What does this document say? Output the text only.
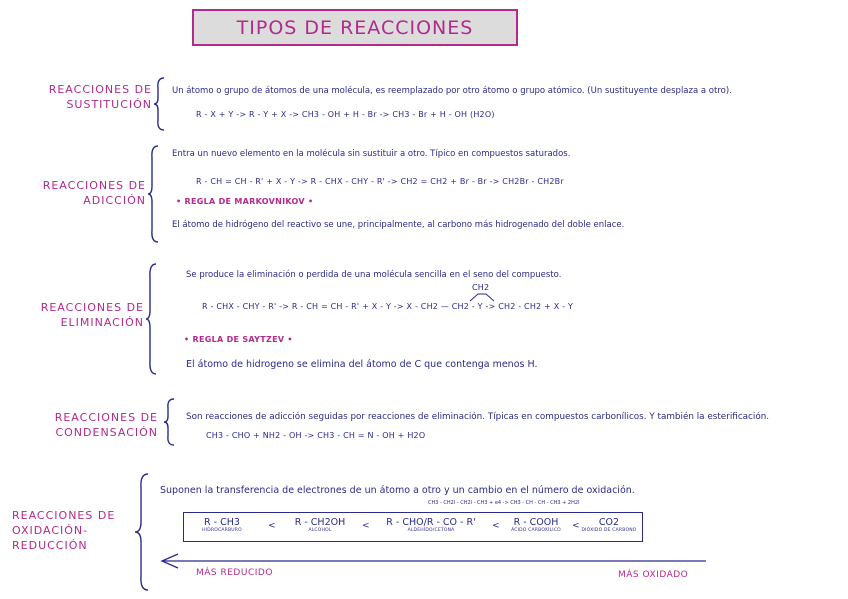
TIPOS DE REACCIONES
REACCIONES DE
SUSTITUCIÓN
Un átomo o grupo de átomos de una molécula, es reemplazado por otro átomo o grupo atómico. (Un sustituyente desplaza a otro).
R - X + Y -> R - Y + X -> CH3 - OH + H - Br -> CH3 - Br + H - OH (H2O)
REACCIONES DE
ADICCIÓN
Entra un nuevo elemento en la molécula sin sustituir a otro. Típico en compuestos saturados.
R - CH = CH - R' + X - Y -> R - CHX - CHY - R' -> CH2 = CH2 + Br - Br -> CH2Br - CH2Br
• REGLA DE MARKOVNIKOV •
El átomo de hidrógeno del reactivo se une, principalmente, al carbono más hidrogenado del doble enlace.
REACCIONES DE
ELIMINACIÓN
Se produce la eliminación o perdida de una molécula sencilla en el seno del compuesto.
CH2
R - CHX - CHY - R' -> R - CH = CH - R' + X - Y -> X - CH2 — CH2 - Y -> CH2 - CH2 + X - Y
• REGLA DE SAYTZEV •
El átomo de hidrogeno se elimina del átomo de C que contenga menos H.
REACCIONES DE
CONDENSACIÓN
Son reacciones de adicción seguidas por reacciones de eliminación. Típicas en compuestos carbonílicos. Y también la esterificación.
CH3 - CHO + NH2 - OH -> CH3 - CH = N - OH + H2O
REACCIONES DE
OXIDACIÓN-
REDUCCIÓN
Suponen la transferencia de electrones de un átomo a otro y un cambio en el número de oxidación.
CH3 - CH2l - CH2l - CH3 + e4 -> CH3 - CH - CH - CH3 + 2H2l
R - CH3
HIDROCARBURO	<	R - CH2OH
ALCOHOL	<	R - CHO/R - CO - R'
ALDEHÍDO/CETONA	<	R - COOH
ÁCIDO CARBOXÍLICO	<	CO2
DIÓXIDO DE CARBONO
MÁS REDUCIDO	MÁS OXIDADO
